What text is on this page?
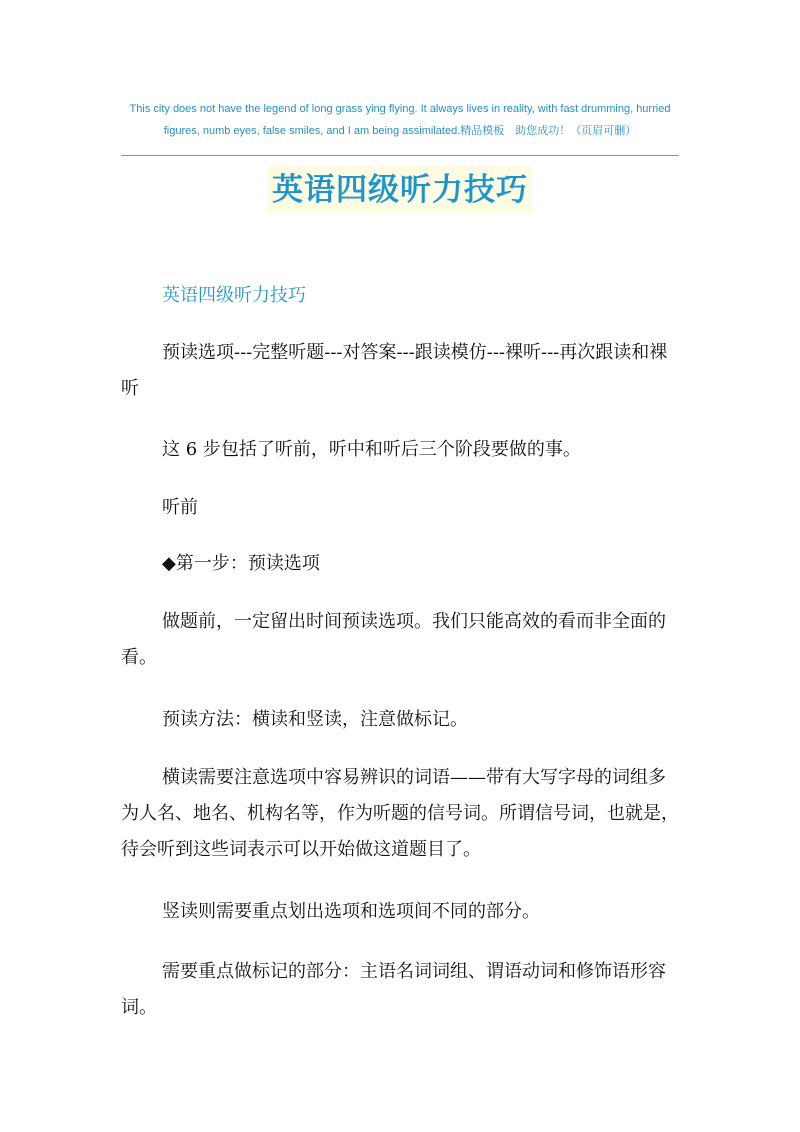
This city does not have the legend of long grass ying flying. It always lives in reality, with fast drumming, hurried figures, numb eyes, false smiles, and I am being assimilated.精品模板　助您成功！（页眉可删）
英语四级听力技巧
英语四级听力技巧

预读选项---完整听题---对答案---跟读模仿---裸听---再次跟读和裸听

这 6 步包括了听前，听中和听后三个阶段要做的事。

听前

◆第一步：预读选项

做题前，一定留出时间预读选项。我们只能高效的看而非全面的看。

预读方法：横读和竖读，注意做标记。

横读需要注意选项中容易辨识的词语——带有大写字母的词组多为人名、地名、机构名等，作为听题的信号词。所谓信号词，也就是，待会听到这些词表示可以开始做这道题目了。

竖读则需要重点划出选项和选项间不同的部分。

需要重点做标记的部分：主语名词词组、谓语动词和修饰语形容词。
